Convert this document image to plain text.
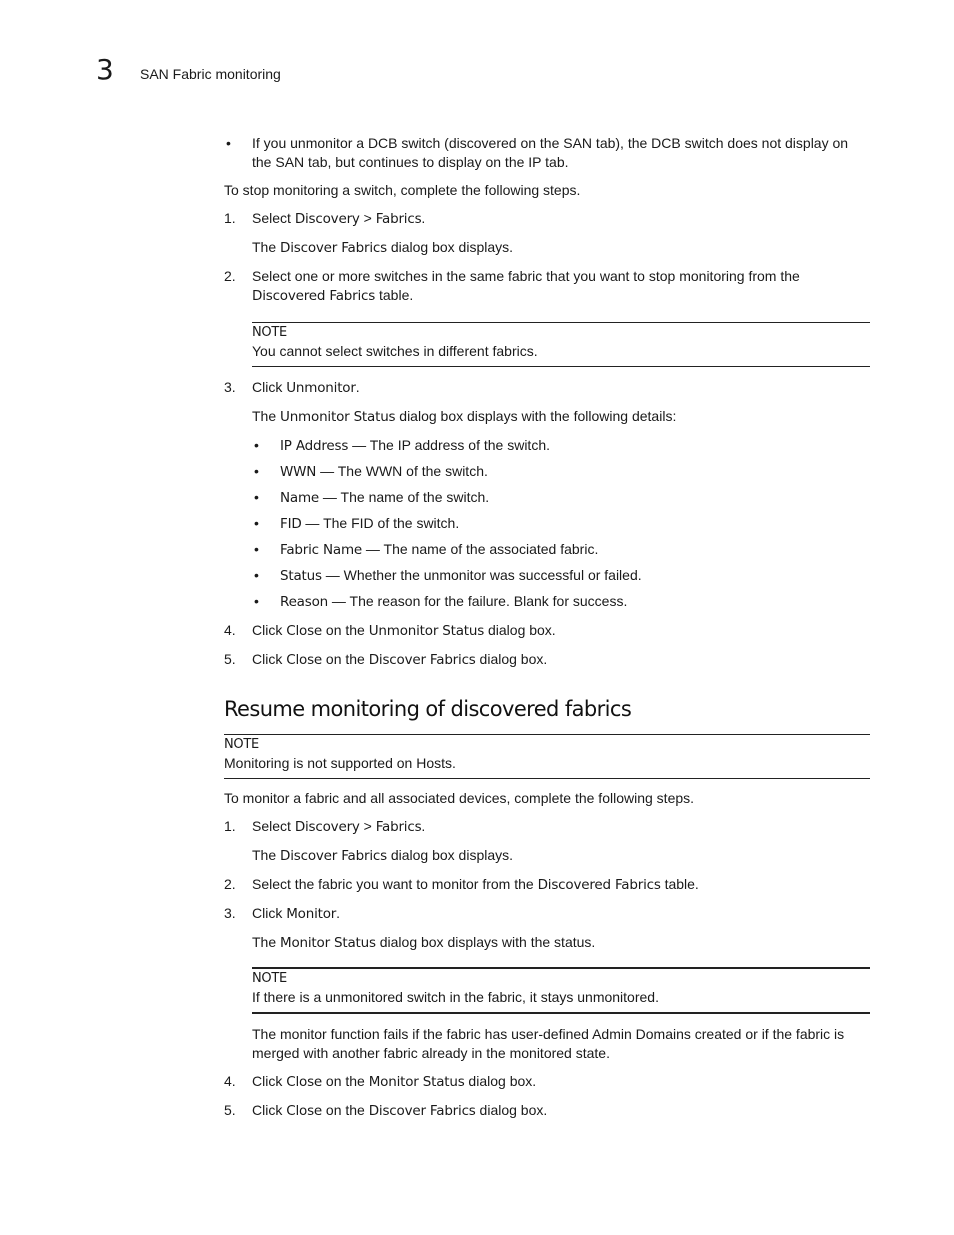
3 SAN Fabric monitoring
• If you unmonitor a DCB switch (discovered on the SAN tab), the DCB switch does not display on the SAN tab, but continues to display on the IP tab.

To stop monitoring a switch, complete the following steps.

1. Select Discovery > Fabrics.
The Discover Fabrics dialog box displays.
2. Select one or more switches in the same fabric that you want to stop monitoring from the Discovered Fabrics table.
NOTE
You cannot select switches in different fabrics.
3. Click Unmonitor.
The Unmonitor Status dialog box displays with the following details:
• IP Address — The IP address of the switch.
• WWN — The WWN of the switch.
• Name — The name of the switch.
• FID — The FID of the switch.
• Fabric Name — The name of the associated fabric.
• Status — Whether the unmonitor was successful or failed.
• Reason — The reason for the failure. Blank for success.
4. Click Close on the Unmonitor Status dialog box.
5. Click Close on the Discover Fabrics dialog box.
Resume monitoring of discovered fabrics
NOTE
Monitoring is not supported on Hosts.

To monitor a fabric and all associated devices, complete the following steps.

1. Select Discovery > Fabrics.
The Discover Fabrics dialog box displays.
2. Select the fabric you want to monitor from the Discovered Fabrics table.
3. Click Monitor.
The Monitor Status dialog box displays with the status.
NOTE
If there is a unmonitored switch in the fabric, it stays unmonitored.
The monitor function fails if the fabric has user-defined Admin Domains created or if the fabric is merged with another fabric already in the monitored state.
4. Click Close on the Monitor Status dialog box.
5. Click Close on the Discover Fabrics dialog box.
